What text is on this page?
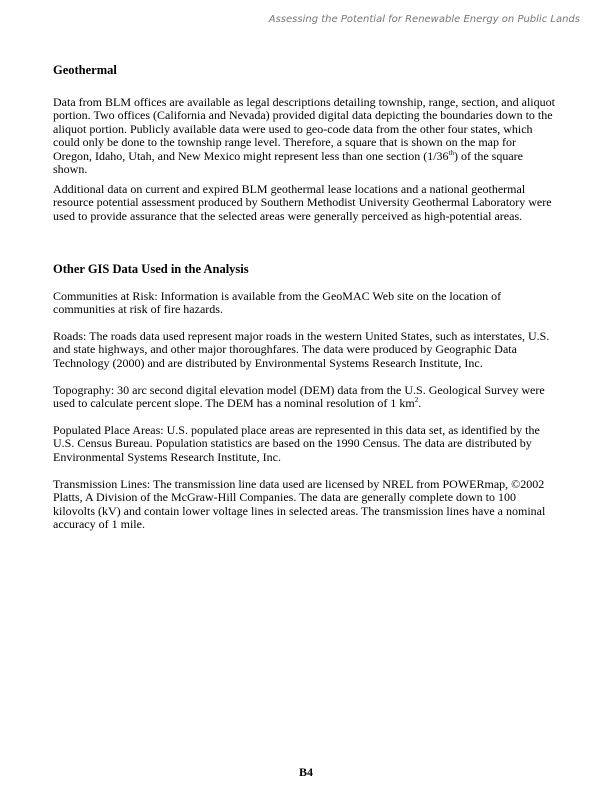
Assessing the Potential for Renewable Energy on Public Lands
Geothermal
Data from BLM offices are available as legal descriptions detailing township, range, section, and aliquot
portion. Two offices (California and Nevada) provided digital data depicting the boundaries down to the
aliquot portion. Publicly available data were used to geo-code data from the other four states, which
could only be done to the township range level. Therefore, a square that is shown on the map for
Oregon, Idaho, Utah, and New Mexico might represent less than one section (1/36th) of the square
shown.
Additional data on current and expired BLM geothermal lease locations and a national geothermal
resource potential assessment produced by Southern Methodist University Geothermal Laboratory were
used to provide assurance that the selected areas were generally perceived as high-potential areas.
Other GIS Data Used in the Analysis
Communities at Risk: Information is available from the GeoMAC Web site on the location of
communities at risk of fire hazards.
Roads: The roads data used represent major roads in the western United States, such as interstates, U.S.
and state highways, and other major thoroughfares. The data were produced by Geographic Data
Technology (2000) and are distributed by Environmental Systems Research Institute, Inc.
Topography: 30 arc second digital elevation model (DEM) data from the U.S. Geological Survey were
used to calculate percent slope. The DEM has a nominal resolution of 1 $km^2$.
Populated Place Areas: U.S. populated place areas are represented in this data set, as identified by the
U.S. Census Bureau. Population statistics are based on the 1990 Census. The data are distributed by
Environmental Systems Research Institute, Inc.
Transmission Lines: The transmission line data used are licensed by NREL from POWERmap, ©2002
Platts, A Division of the McGraw-Hill Companies. The data are generally complete down to 100
kilovolts (kV) and contain lower voltage lines in selected areas. The transmission lines have a nominal
accuracy of 1 mile.
B4
